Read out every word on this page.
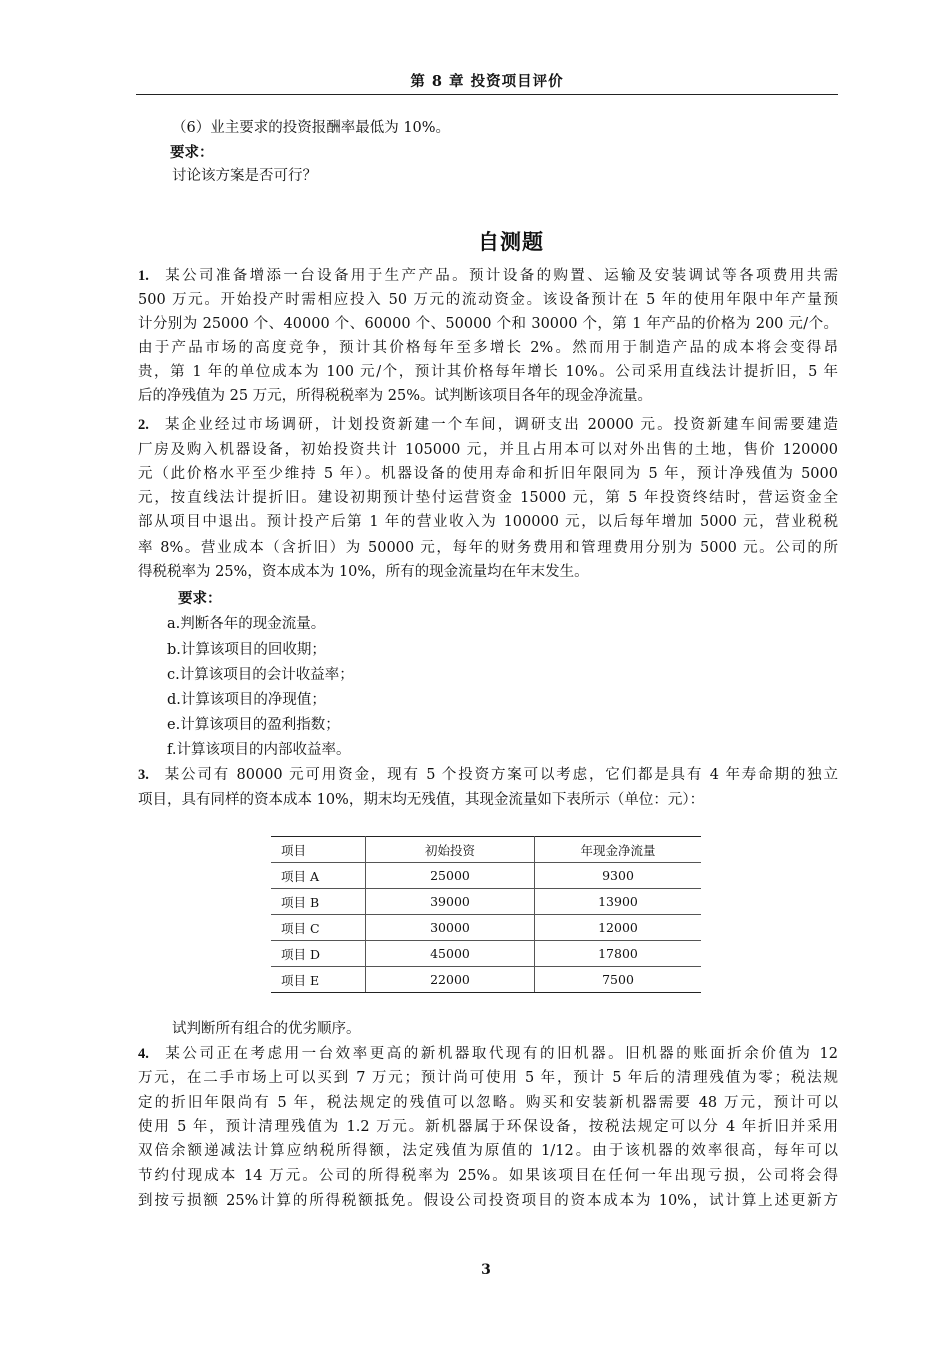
第 8 章 投资项目评价
（6）业主要求的投资报酬率最低为 10%。
要求：
讨论该方案是否可行？
自测题
1. 某公司准备增添一台设备用于生产产品。预计设备的购置、运输及安装调试等各项费用共需
500 万元。开始投产时需相应投入 50 万元的流动资金。该设备预计在 5 年的使用年限中年产量预
计分别为 25000 个、40000 个、60000 个、50000 个和 30000 个，第 1 年产品的价格为 200 元/个。
由于产品市场的高度竞争，预计其价格每年至多增长 2%。然而用于制造产品的成本将会变得昂
贵，第 1 年的单位成本为 100 元/个，预计其价格每年增长 10%。公司采用直线法计提折旧，5 年
后的净残值为 25 万元，所得税税率为 25%。试判断该项目各年的现金净流量。
2. 某企业经过市场调研，计划投资新建一个车间，调研支出 20000 元。投资新建车间需要建造
厂房及购入机器设备，初始投资共计 105000 元，并且占用本可以对外出售的土地，售价 120000
元（此价格水平至少维持 5 年）。机器设备的使用寿命和折旧年限同为 5 年，预计净残值为 5000
元，按直线法计提折旧。建设初期预计垫付运营资金 15000 元，第 5 年投资终结时，营运资金全
部从项目中退出。预计投产后第 1 年的营业收入为 100000 元，以后每年增加 5000 元，营业税税
率 8%。营业成本（含折旧）为 50000 元，每年的财务费用和管理费用分别为 5000 元。公司的所
得税税率为 25%，资本成本为 10%，所有的现金流量均在年末发生。
要求：
a.判断各年的现金流量。
b.计算该项目的回收期；
c.计算该项目的会计收益率；
d.计算该项目的净现值；
e.计算该项目的盈利指数；
f.计算该项目的内部收益率。
3. 某公司有 80000 元可用资金，现有 5 个投资方案可以考虑，它们都是具有 4 年寿命期的独立
项目，具有同样的资本成本 10%，期末均无残值，其现金流量如下表所示（单位：元）：
项目	初始投资	年现金净流量
项目 A	25000	9300
项目 B	39000	13900
项目 C	30000	12000
项目 D	45000	17800
项目 E	22000	7500
试判断所有组合的优劣顺序。
4. 某公司正在考虑用一台效率更高的新机器取代现有的旧机器。旧机器的账面折余价值为 12
万元，在二手市场上可以买到 7 万元；预计尚可使用 5 年，预计 5 年后的清理残值为零；税法规
定的折旧年限尚有 5 年，税法规定的残值可以忽略。购买和安装新机器需要 48 万元，预计可以
使用 5 年，预计清理残值为 1.2 万元。新机器属于环保设备，按税法规定可以分 4 年折旧并采用
双倍余额递减法计算应纳税所得额，法定残值为原值的 1/12。由于该机器的效率很高，每年可以
节约付现成本 14 万元。公司的所得税率为 25%。如果该项目在任何一年出现亏损，公司将会得
到按亏损额 25%计算的所得税额抵免。假设公司投资项目的资本成本为 10%，试计算上述更新方
3
